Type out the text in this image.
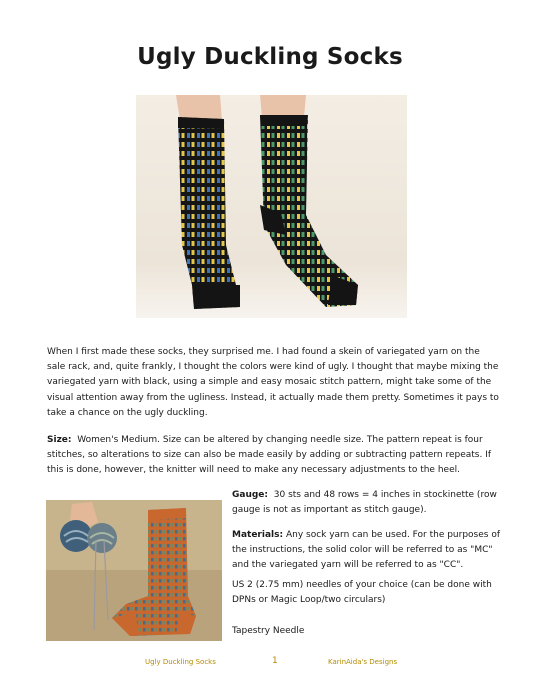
Ugly Duckling Socks

When I first made these socks, they surprised me. I had found a skein of variegated yarn on the sale rack, and, quite frankly, I thought the colors were kind of ugly. I thought that maybe mixing the variegated yarn with black, using a simple and easy mosaic stitch pattern, might take some of the visual attention away from the ugliness. Instead, it actually made them pretty. Sometimes it pays to take a chance on the ugly duckling.

Size: Women's Medium. Size can be altered by changing needle size. The pattern repeat is four stitches, so alterations to size can also be made easily by adding or subtracting pattern repeats. If this is done, however, the knitter will need to make any necessary adjustments to the heel.

Gauge: 30 sts and 48 rows = 4 inches in stockinette (row gauge is not as important as stitch gauge).

Materials: Any sock yarn can be used. For the purposes of the instructions, the solid color will be referred to as "MC" and the variegated yarn will be referred to as "CC".

US 2 (2.75 mm) needles of your choice (can be done with DPNs or Magic Loop/two circulars)

Tapestry Needle

Ugly Duckling Socks	1	KarinAida's Designs
